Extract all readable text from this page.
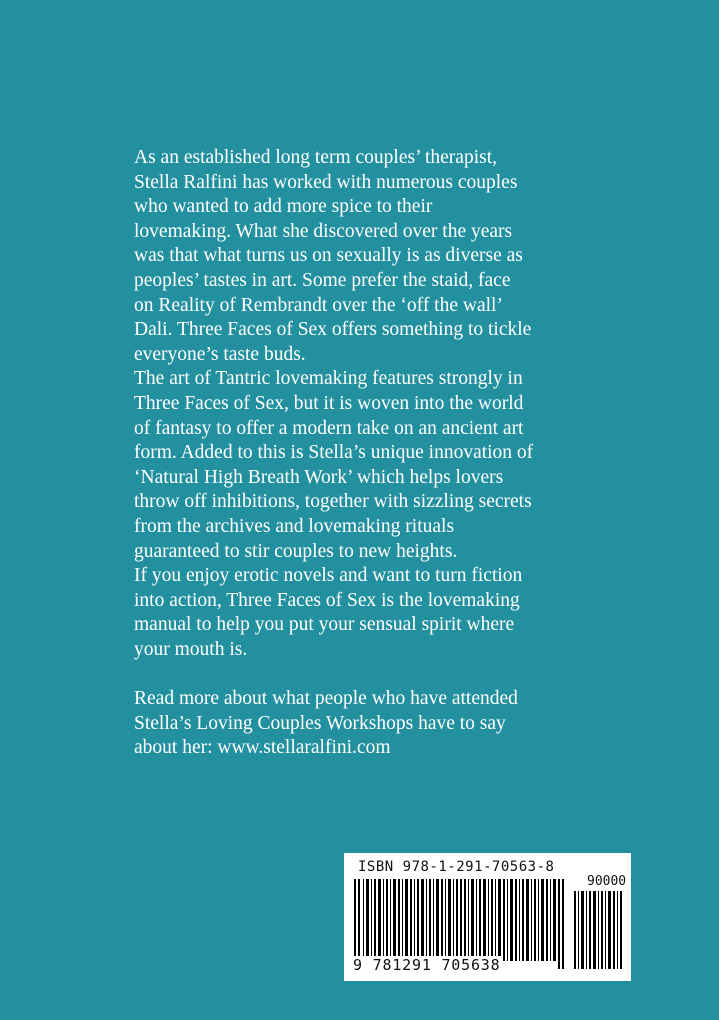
As an established long term couples’ therapist,
Stella Ralfini has worked with numerous couples
who wanted to add more spice to their
lovemaking. What she discovered over the years
was that what turns us on sexually is as diverse as
peoples’ tastes in art. Some prefer the staid, face
on Reality of Rembrandt over the ‘off the wall’
Dali. Three Faces of Sex offers something to tickle
everyone’s taste buds.

The art of Tantric lovemaking features strongly in
Three Faces of Sex, but it is woven into the world
of fantasy to offer a modern take on an ancient art
form. Added to this is Stella’s unique innovation of
‘Natural High Breath Work’ which helps lovers
throw off inhibitions, together with sizzling secrets
from the archives and lovemaking rituals
guaranteed to stir couples to new heights.

If you enjoy erotic novels and want to turn fiction
into action, Three Faces of Sex is the lovemaking
manual to help you put your sensual spirit where
your mouth is.

Read more about what people who have attended
Stella’s Loving Couples Workshops have to say
about her: www.stellaralfini.com

ISBN 978-1-291-70563-8
90000
9 781291 705638
